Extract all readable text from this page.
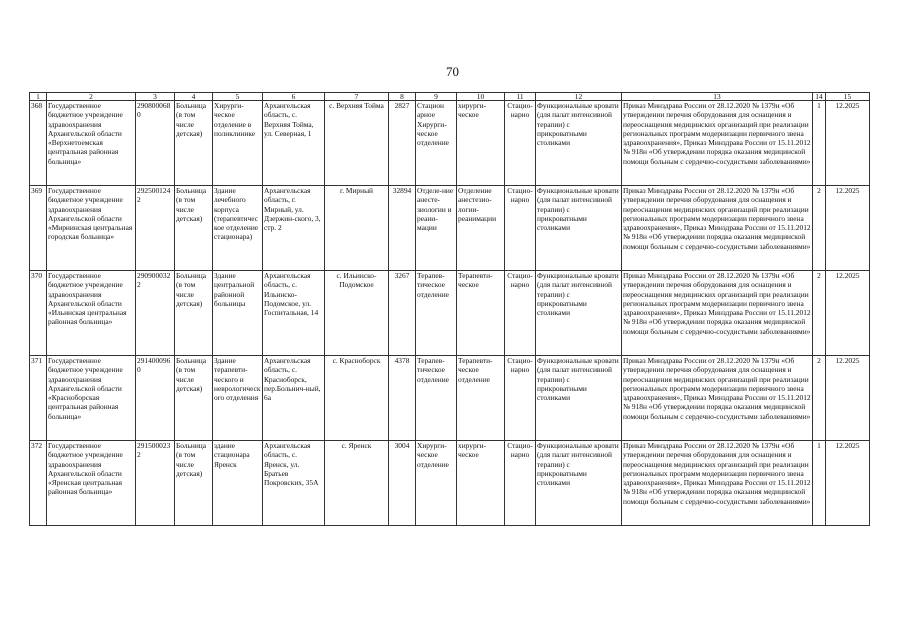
70
1	2	3	4	5	6	7	8	9	10	11	12	13	14	15
368	Государственное бюджетное учреждение здравоохранения Архангельской области «Верхнетоемская центральная районная больница»	2908000680	Больница (в том числе детская)	Хирурги-ческое отделение в поликлинике	Архангельская область, с. Верхняя Тойма, ул. Северная, 1	с. Верхняя Тойма	2827	Стацион арное Хирурги-ческое отделение	хирурги-ческое	Стацио-нарно	Функциональные кровати (для палат интенсивной терапии) с прикроватными столиками	Приказ Минздрава России от 28.12.2020 № 1379н «Об утверждении перечня оборудования для оснащения и переоснащения медицинских организаций при реализации региональных программ модернизации первичного звена здравоохранения», Приказ Минздрава России от 15.11.2012 № 918н «Об утверждении порядка оказания медицинской помощи больным с сердечно-сосудистыми заболеваниями»	1	12.2025
369	Государственное бюджетное учреждение здравоохранения Архангельской области «Мирнинская центральная городская больница»	2925001242	Больница (в том числе детская)	Здание лечебного корпуса (терапевтическое отделение стационара)	Архангельская область, г. Мирный, ул. Дзержин-ского, 3, стр. 2	г. Мирный	32894	Отделе-ние анесте-зиологии и реани-мации	Отделение анестезио-логии-реанимации	Стацио-нарно	Функциональные кровати (для палат интенсивной терапии) с прикроватными столиками	Приказ Минздрава России от 28.12.2020 № 1379н «Об утверждении перечня оборудования для оснащения и переоснащения медицинских организаций при реализации региональных программ модернизации первичного звена здравоохранения», Приказ Минздрава России от 15.11.2012 № 918н «Об утверждении порядка оказания медицинской помощи больным с сердечно-сосудистыми заболеваниями»	2	12.2025
370	Государственное бюджетное учреждение здравоохранения Архангельской области «Ильинская центральная районная больница»	2909000322	Больница (в том числе детская)	Здание центральной районной больницы	Архангельская область, с. Ильинско-Подомское, ул. Госпитальная, 14	с. Ильинско-Подомское	3267	Терапев-тическое отделение	Терапевти-ческое	Стацио-нарно	Функциональные кровати (для палат интенсивной терапии) с прикроватными столиками	Приказ Минздрава России от 28.12.2020 № 1379н «Об утверждении перечня оборудования для оснащения и переоснащения медицинских организаций при реализации региональных программ модернизации первичного звена здравоохранения», Приказ Минздрава России от 15.11.2012 № 918н «Об утверждении порядка оказания медицинской помощи больным с сердечно-сосудистыми заболеваниями»	2	12.2025
371	Государственное бюджетное учреждение здравоохранения Архангельской области «Красноборская центральная районная больница»	2914000960	Больница (в том числе детская)	Здание терапевти-ческого и неврологического отделения	Архангельская область, с. Красноборск, пер.Больнич-ный, 6а	с. Красноборск	4378	Терапев-тическое отделение	Терапевти-ческое отделение	Стацио-нарно	Функциональные кровати (для палат интенсивной терапии) с прикроватными столиками	Приказ Минздрава России от 28.12.2020 № 1379н «Об утверждении перечня оборудования для оснащения и переоснащения медицинских организаций при реализации региональных программ модернизации первичного звена здравоохранения», Приказ Минздрава России от 15.11.2012 № 918н «Об утверждении порядка оказания медицинской помощи больным с сердечно-сосудистыми заболеваниями»	2	12.2025
372	Государственное бюджетное учреждение здравоохранения Архангельской области «Яренская центральная районная больница»	2915000232	Больница (в том числе детская)	здание стационара Яренск	Архангельская область, с. Яренск, ул. Братьев Покровских, 35А	с. Яренск	3004	Хирурги-ческое отделение	хирурги-ческое	Стацио-нарно	Функциональные кровати (для палат интенсивной терапии) с прикроватными столиками	Приказ Минздрава России от 28.12.2020 № 1379н «Об утверждении перечня оборудования для оснащения и переоснащения медицинских организаций при реализации региональных программ модернизации первичного звена здравоохранения», Приказ Минздрава России от 15.11.2012 № 918н «Об утверждении порядка оказания медицинской помощи больным с сердечно-сосудистыми заболеваниями»	1	12.2025
